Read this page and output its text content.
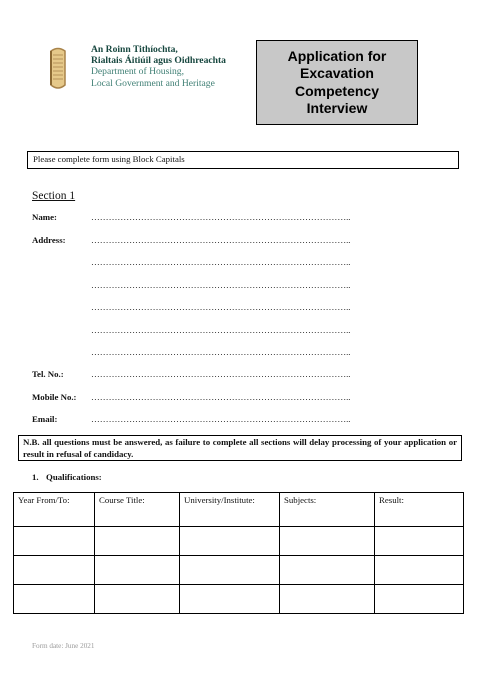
An Roinn Tithíochta,
Rialtais Áitiúil agus Oidhreachta
Department of Housing,
Local Government and Heritage
Application for Excavation Competency Interview
Please complete form using Block Capitals
Section 1
Name:	……………………………………………………………………………..
Address:	……………………………………………………………………………..
……………………………………………………………………………..
……………………………………………………………………………..
……………………………………………………………………………..
……………………………………………………………………………..
……………………………………………………………………………..
Tel. No.:	……………………………………………………………………………..
Mobile No.: ……………………………………………………………………………..
Email:	……………………………………………………………………………..
N.B. all questions must be answered, as failure to complete all sections will delay processing of your application or result in refusal of candidacy.
1. Qualifications:
Year From/To:	Course Title:	University/Institute:	Subjects:	Result:

Form date: June 2021
